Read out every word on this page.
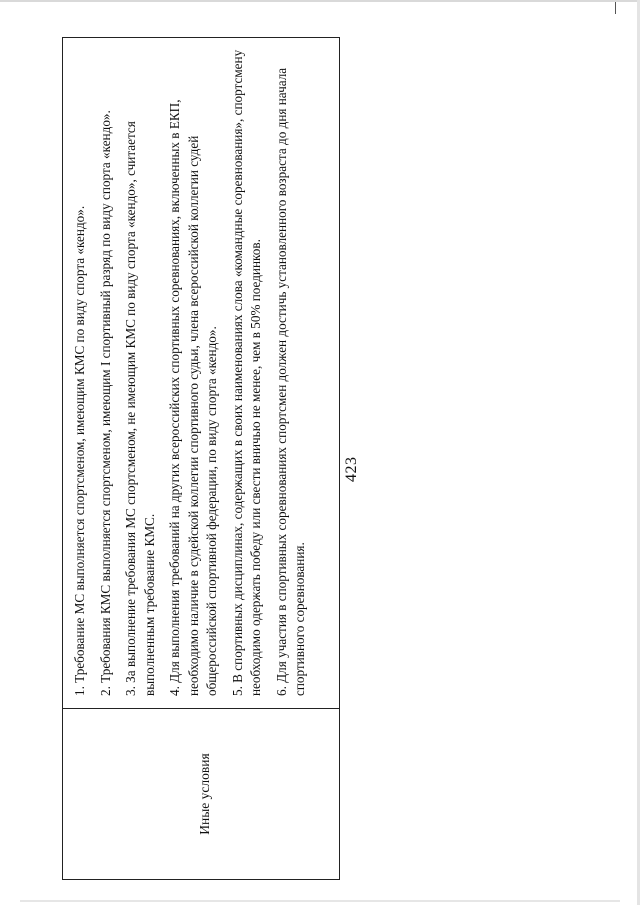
423
Иные условия	

1. Требование МС выполняется спортсменом, имеющим КМС по виду спорта «кендо». 2. Требования КМС выполняется спортсменом, имеющим I спортивный разряд по виду спорта «кендо». 3. За выполнение требования МС спортсменом, не имеющим КМС по виду спорта «кендо», считается выполненным требование КМС. 4. Для выполнения требований на других всероссийских спортивных соревнованиях, включенных в ЕКП, необходимо наличие в судейской коллегии спортивного судьи, члена всероссийской коллегии судей общероссийской спортивной федерации, по виду спорта «кендо». 5. В спортивных дисциплинах, содержащих в своих наименованиях слова «командные соревнования», спортсмену необходимо одержать победу или свести вничью не менее, чем в 50% поединков. 6. Для участия в спортивных соревнованиях спортсмен должен достичь установленного возраста до дня начала спортивного соревнования.
